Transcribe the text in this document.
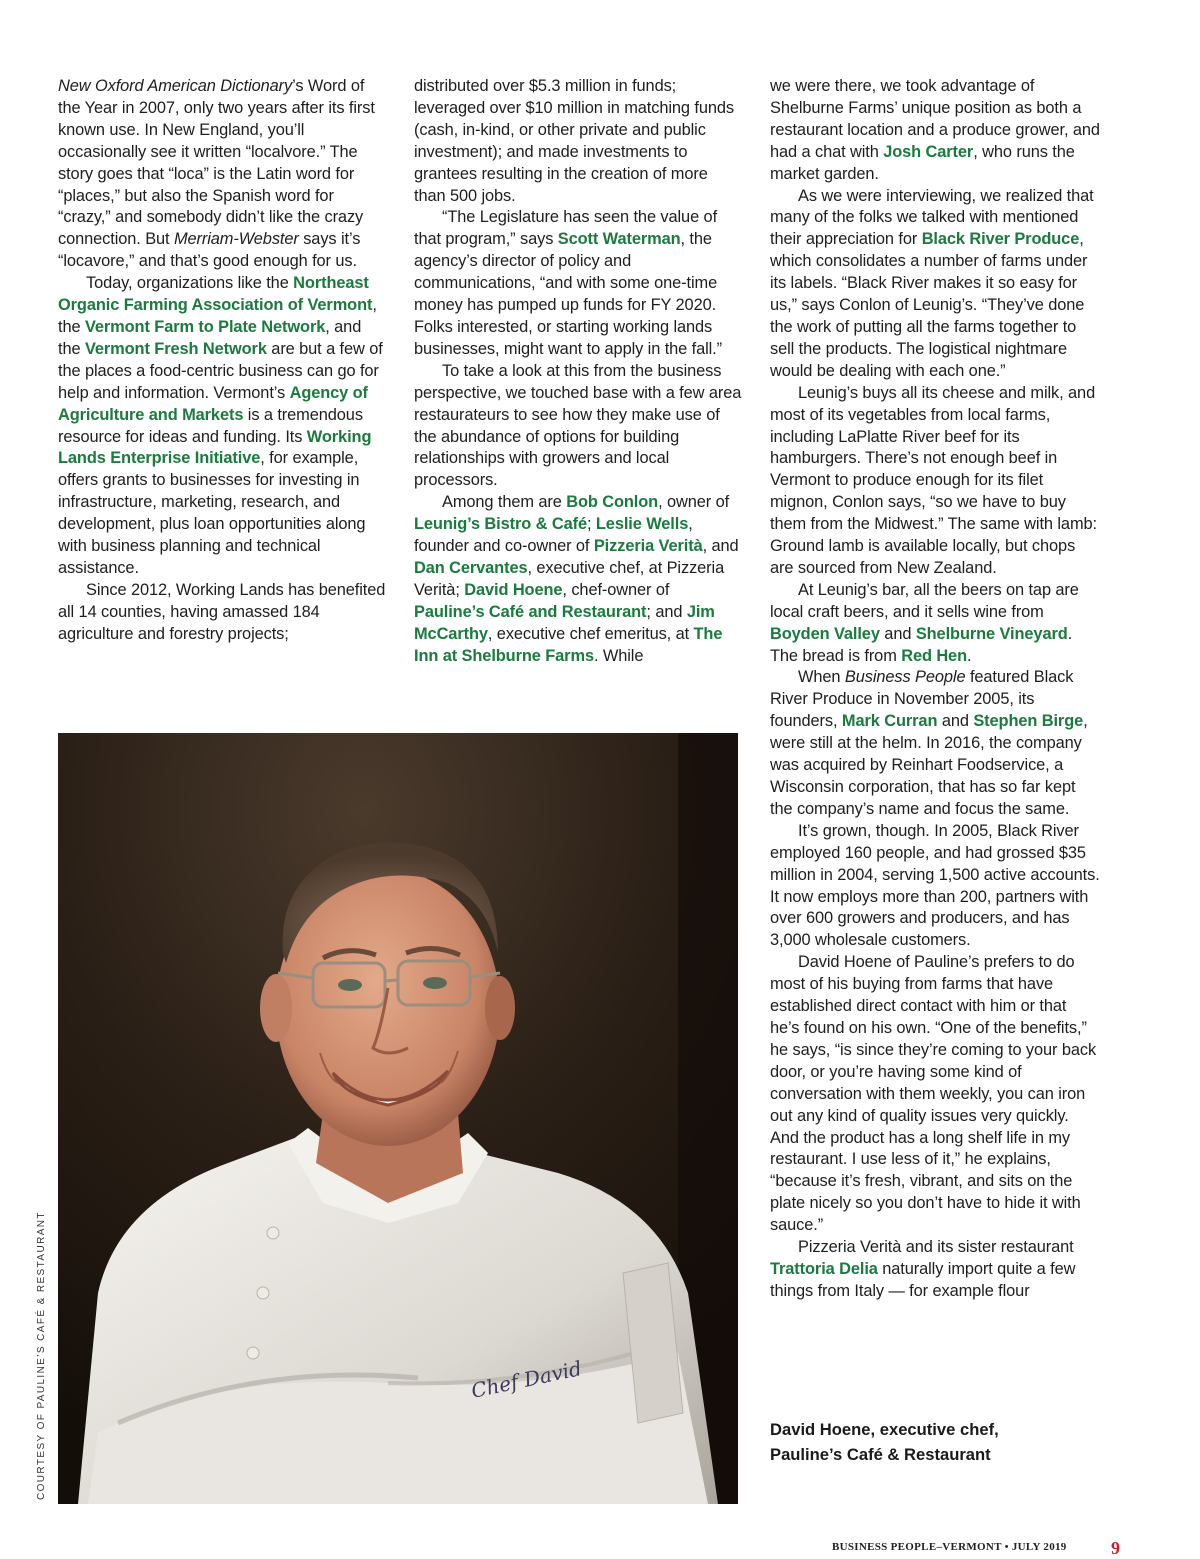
New Oxford American Dictionary’s Word of the Year in 2007, only two years after its first known use. In New England, you’ll occasionally see it written “localvore.” The story goes that “loca” is the Latin word for “places,” but also the Spanish word for “crazy,” and somebody didn’t like the crazy connection. But Merriam-Webster says it’s “locavore,” and that’s good enough for us.

Today, organizations like the Northeast Organic Farming Association of Vermont, the Vermont Farm to Plate Network, and the Vermont Fresh Network are but a few of the places a food-centric business can go for help and information. Vermont’s Agency of Agriculture and Markets is a tremendous resource for ideas and funding. Its Working Lands Enterprise Initiative, for example, offers grants to businesses for investing in infrastructure, marketing, research, and development, plus loan opportunities along with business planning and technical assistance.

Since 2012, Working Lands has benefited all 14 counties, having amassed 184 agriculture and forestry projects;

distributed over $5.3 million in funds; leveraged over $10 million in matching funds (cash, in-kind, or other private and public investment); and made investments to grantees resulting in the creation of more than 500 jobs.

“The Legislature has seen the value of that program,” says Scott Waterman, the agency’s director of policy and communications, “and with some one-time money has pumped up funds for FY 2020. Folks interested, or starting working lands businesses, might want to apply in the fall.”

To take a look at this from the business perspective, we touched base with a few area restaurateurs to see how they make use of the abundance of options for building relationships with growers and local processors.

Among them are Bob Conlon, owner of Leunig’s Bistro & Café; Leslie Wells, founder and co-owner of Pizzeria Verità, and Dan Cervantes, executive chef, at Pizzeria Verità; David Hoene, chef-owner of Pauline’s Café and Restaurant; and Jim McCarthy, executive chef emeritus, at The Inn at Shelburne Farms. While

we were there, we took advantage of Shelburne Farms’ unique position as both a restaurant location and a produce grower, and had a chat with Josh Carter, who runs the market garden.

As we were interviewing, we realized that many of the folks we talked with mentioned their appreciation for Black River Produce, which consolidates a number of farms under its labels. “Black River makes it so easy for us,” says Conlon of Leunig’s. “They’ve done the work of putting all the farms together to sell the products. The logistical nightmare would be dealing with each one.”

Leunig’s buys all its cheese and milk, and most of its vegetables from local farms, including LaPlatte River beef for its hamburgers. There’s not enough beef in Vermont to produce enough for its filet mignon, Conlon says, “so we have to buy them from the Midwest.” The same with lamb: Ground lamb is available locally, but chops are sourced from New Zealand.

At Leunig’s bar, all the beers on tap are local craft beers, and it sells wine from Boyden Valley and Shelburne Vineyard. The bread is from Red Hen.

When Business People featured Black River Produce in November 2005, its founders, Mark Curran and Stephen Birge, were still at the helm. In 2016, the company was acquired by Reinhart Foodservice, a Wisconsin corporation, that has so far kept the company’s name and focus the same.

It’s grown, though. In 2005, Black River employed 160 people, and had grossed $35 million in 2004, serving 1,500 active accounts. It now employs more than 200, partners with over 600 growers and producers, and has 3,000 wholesale customers.

David Hoene of Pauline’s prefers to do most of his buying from farms that have established direct contact with him or that he’s found on his own. “One of the benefits,” he says, “is since they’re coming to your back door, or you’re having some kind of conversation with them weekly, you can iron out any kind of quality issues very quickly. And the product has a long shelf life in my restaurant. I use less of it,” he explains, “because it’s fresh, vibrant, and sits on the plate nicely so you don’t have to hide it with sauce.”

Pizzeria Verità and its sister restaurant Trattoria Delia naturally import quite a few things from Italy — for example flour

Chef David
COURTESY OF PAULINE’S CAFÉ & RESTAURANT	David Hoene, executive chef,
Pauline’s Café & Restaurant
BUSINESS PEOPLE–VERMONT • JULY 2019 9
